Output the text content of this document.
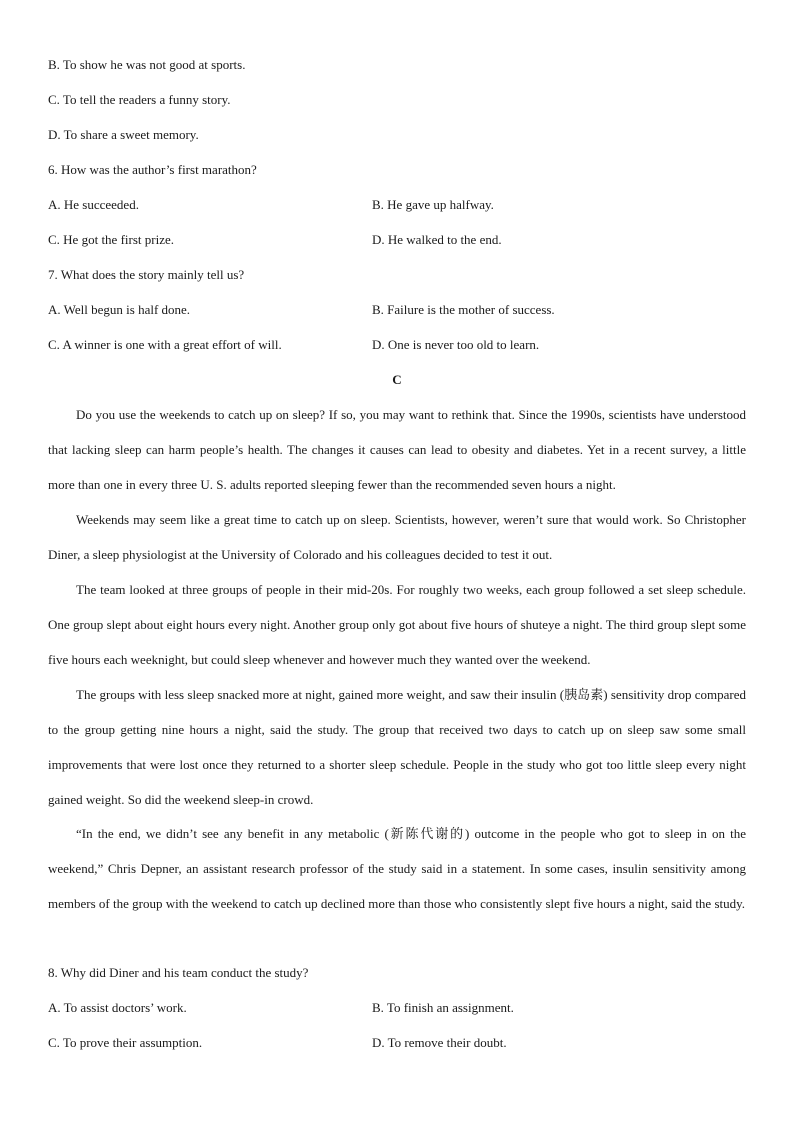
B. To show he was not good at sports.
C. To tell the readers a funny story.
D. To share a sweet memory.
6. How was the author’s first marathon?
A. He succeeded.	B. He gave up halfway.
C. He got the first prize.	D. He walked to the end.
7. What does the story mainly tell us?
A. Well begun is half done.	B. Failure is the mother of success.
C. A winner is one with a great effort of will.	D. One is never too old to learn.
C
Do you use the weekends to catch up on sleep? If so, you may want to rethink that. Since the 1990s, scientists have understood that lacking sleep can harm people’s health. The changes it causes can lead to obesity and diabetes. Yet in a recent survey, a little more than one in every three U. S. adults reported sleeping fewer than the recommended seven hours a night.
Weekends may seem like a great time to catch up on sleep. Scientists, however, weren’t sure that would work. So Christopher Diner, a sleep physiologist at the University of Colorado and his colleagues decided to test it out.
The team looked at three groups of people in their mid-20s. For roughly two weeks, each group followed a set sleep schedule. One group slept about eight hours every night. Another group only got about five hours of shuteye a night. The third group slept some five hours each weeknight, but could sleep whenever and however much they wanted over the weekend.
The groups with less sleep snacked more at night, gained more weight, and saw their insulin (胰岛素) sensitivity drop compared to the group getting nine hours a night, said the study. The group that received two days to catch up on sleep saw some small improvements that were lost once they returned to a shorter sleep schedule. People in the study who got too little sleep every night gained weight. So did the weekend sleep-in crowd.
“In the end, we didn’t see any benefit in any metabolic (新陈代谢的) outcome in the people who got to sleep in on the weekend,” Chris Depner, an assistant research professor of the study said in a statement. In some cases, insulin sensitivity among members of the group with the weekend to catch up declined more than those who consistently slept five hours a night, said the study.
8. Why did Diner and his team conduct the study?
A. To assist doctors’ work.	B. To finish an assignment.
C. To prove their assumption.	D. To remove their doubt.
